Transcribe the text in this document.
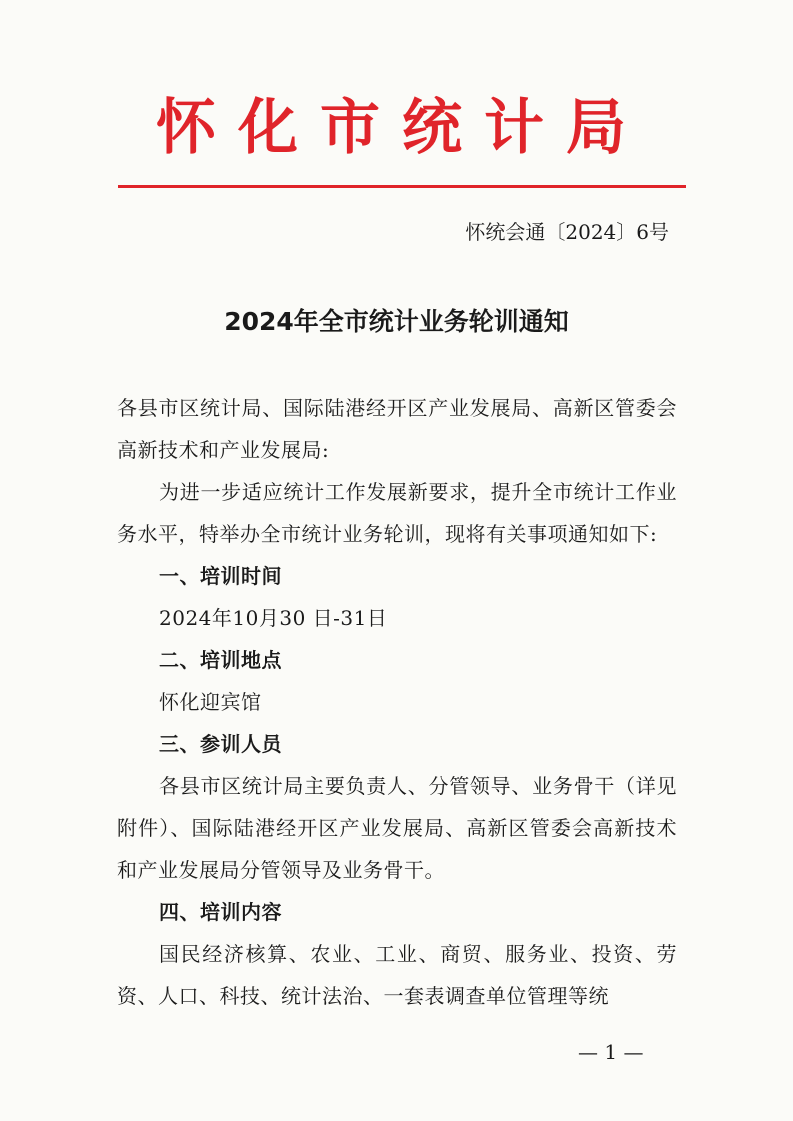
怀化市统计局
怀统会通〔2024〕6号
2024年全市统计业务轮训通知

各县市区统计局、国际陆港经开区产业发展局、高新区管委会高新技术和产业发展局:

为进一步适应统计工作发展新要求，提升全市统计工作业务水平，特举办全市统计业务轮训，现将有关事项通知如下:

一、培训时间

2024年10月30 日-31日

二、培训地点

怀化迎宾馆

三、参训人员

各县市区统计局主要负责人、分管领导、业务骨干（详见附件）、国际陆港经开区产业发展局、高新区管委会高新技术和产业发展局分管领导及业务骨干。

四、培训内容

国民经济核算、农业、工业、商贸、服务业、投资、劳资、人口、科技、统计法治、一套表调查单位管理等统

— 1 —
